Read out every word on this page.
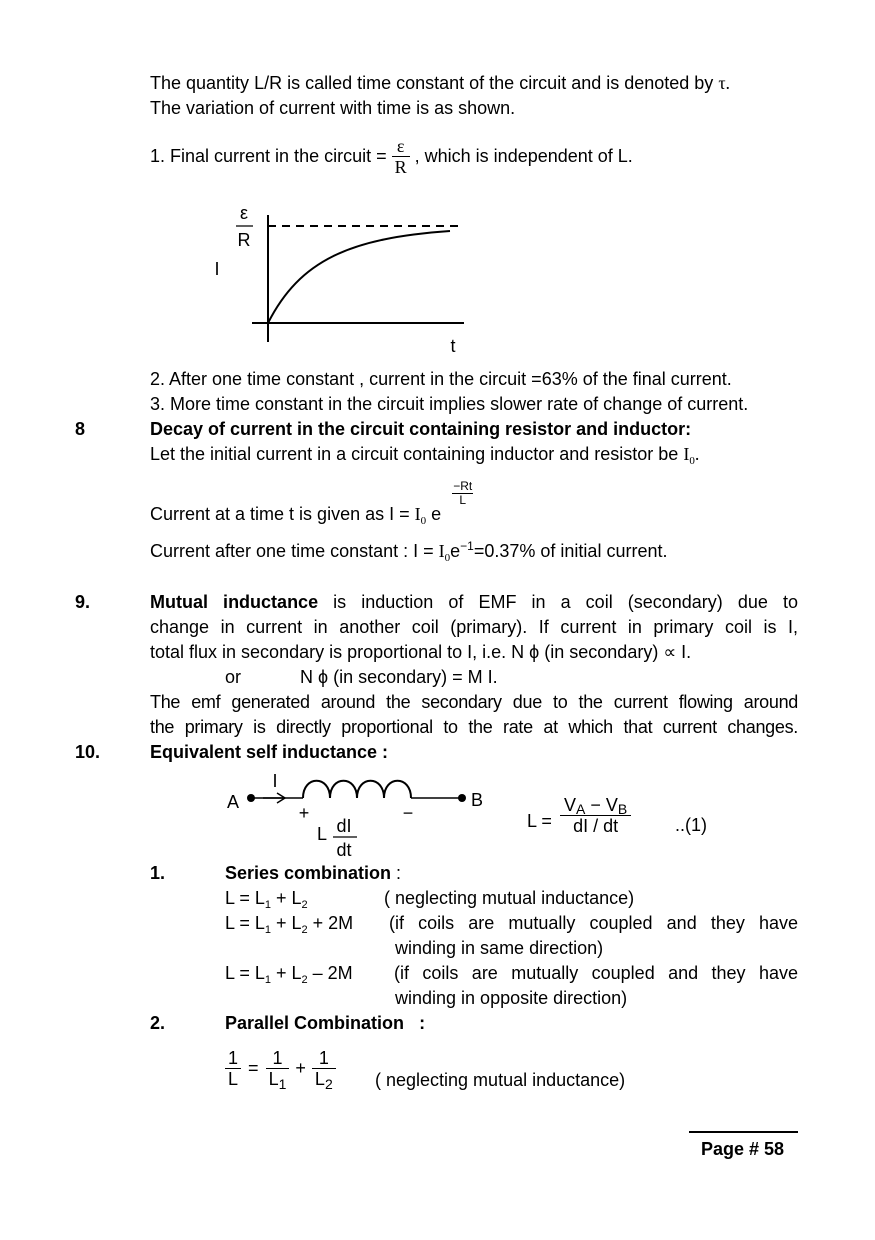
The quantity L/R is called time constant of the circuit and is denoted by τ.
The variation of current with time is as shown.
1. Final current in the circuit = $\frac{\varepsilon}{R}$ , which is independent of L.
ε
R
I
t
2. After one time constant , current in the circuit =63% of the final current.
3. More time constant in the circuit implies slower rate of change of current.
8	Decay of current in the circuit containing resistor and inductor:
Let the initial current in a circuit containing inductor and resistor be $I_0$.
Current at a time t is given as $I = I_0$ e
$\frac{-Rt}{L}$
Current after one time constant : $I = I_0e^{-1}=0.37\%$ of initial current.
9.	Mutual inductance is induction of EMF in a coil (secondary) due to
change in current in another coil (primary). If current in primary coil is I,
total flux in secondary is proportional to I, i.e. N ϕ (in secondary) ∝ I.
or	N ϕ (in secondary) = M I.
The emf generated around the secondary due to the current flowing around
the primary is directly proportional to the rate at which that current changes.
10.	Equivalent self inductance :
A
I
B
+	−
L dI
dt
$L = \frac{V_A - V_B}{dI / dt} ..(1)$
1.	Series combination :
$L = L_1 + L_2$	( neglecting mutual inductance)
$L = L_1 + L_2 + 2M$ (if coils are mutually coupled and they have
winding in same direction)
$L = L_1 + L_2 - 2M$ (if coils are mutually coupled and they have
winding in opposite direction)
2.	Parallel Combination :
$\frac{1}{L} = \frac{1}{L_1} + \frac{1}{L_2}$ ( neglecting mutual inductance)
Page # 58
